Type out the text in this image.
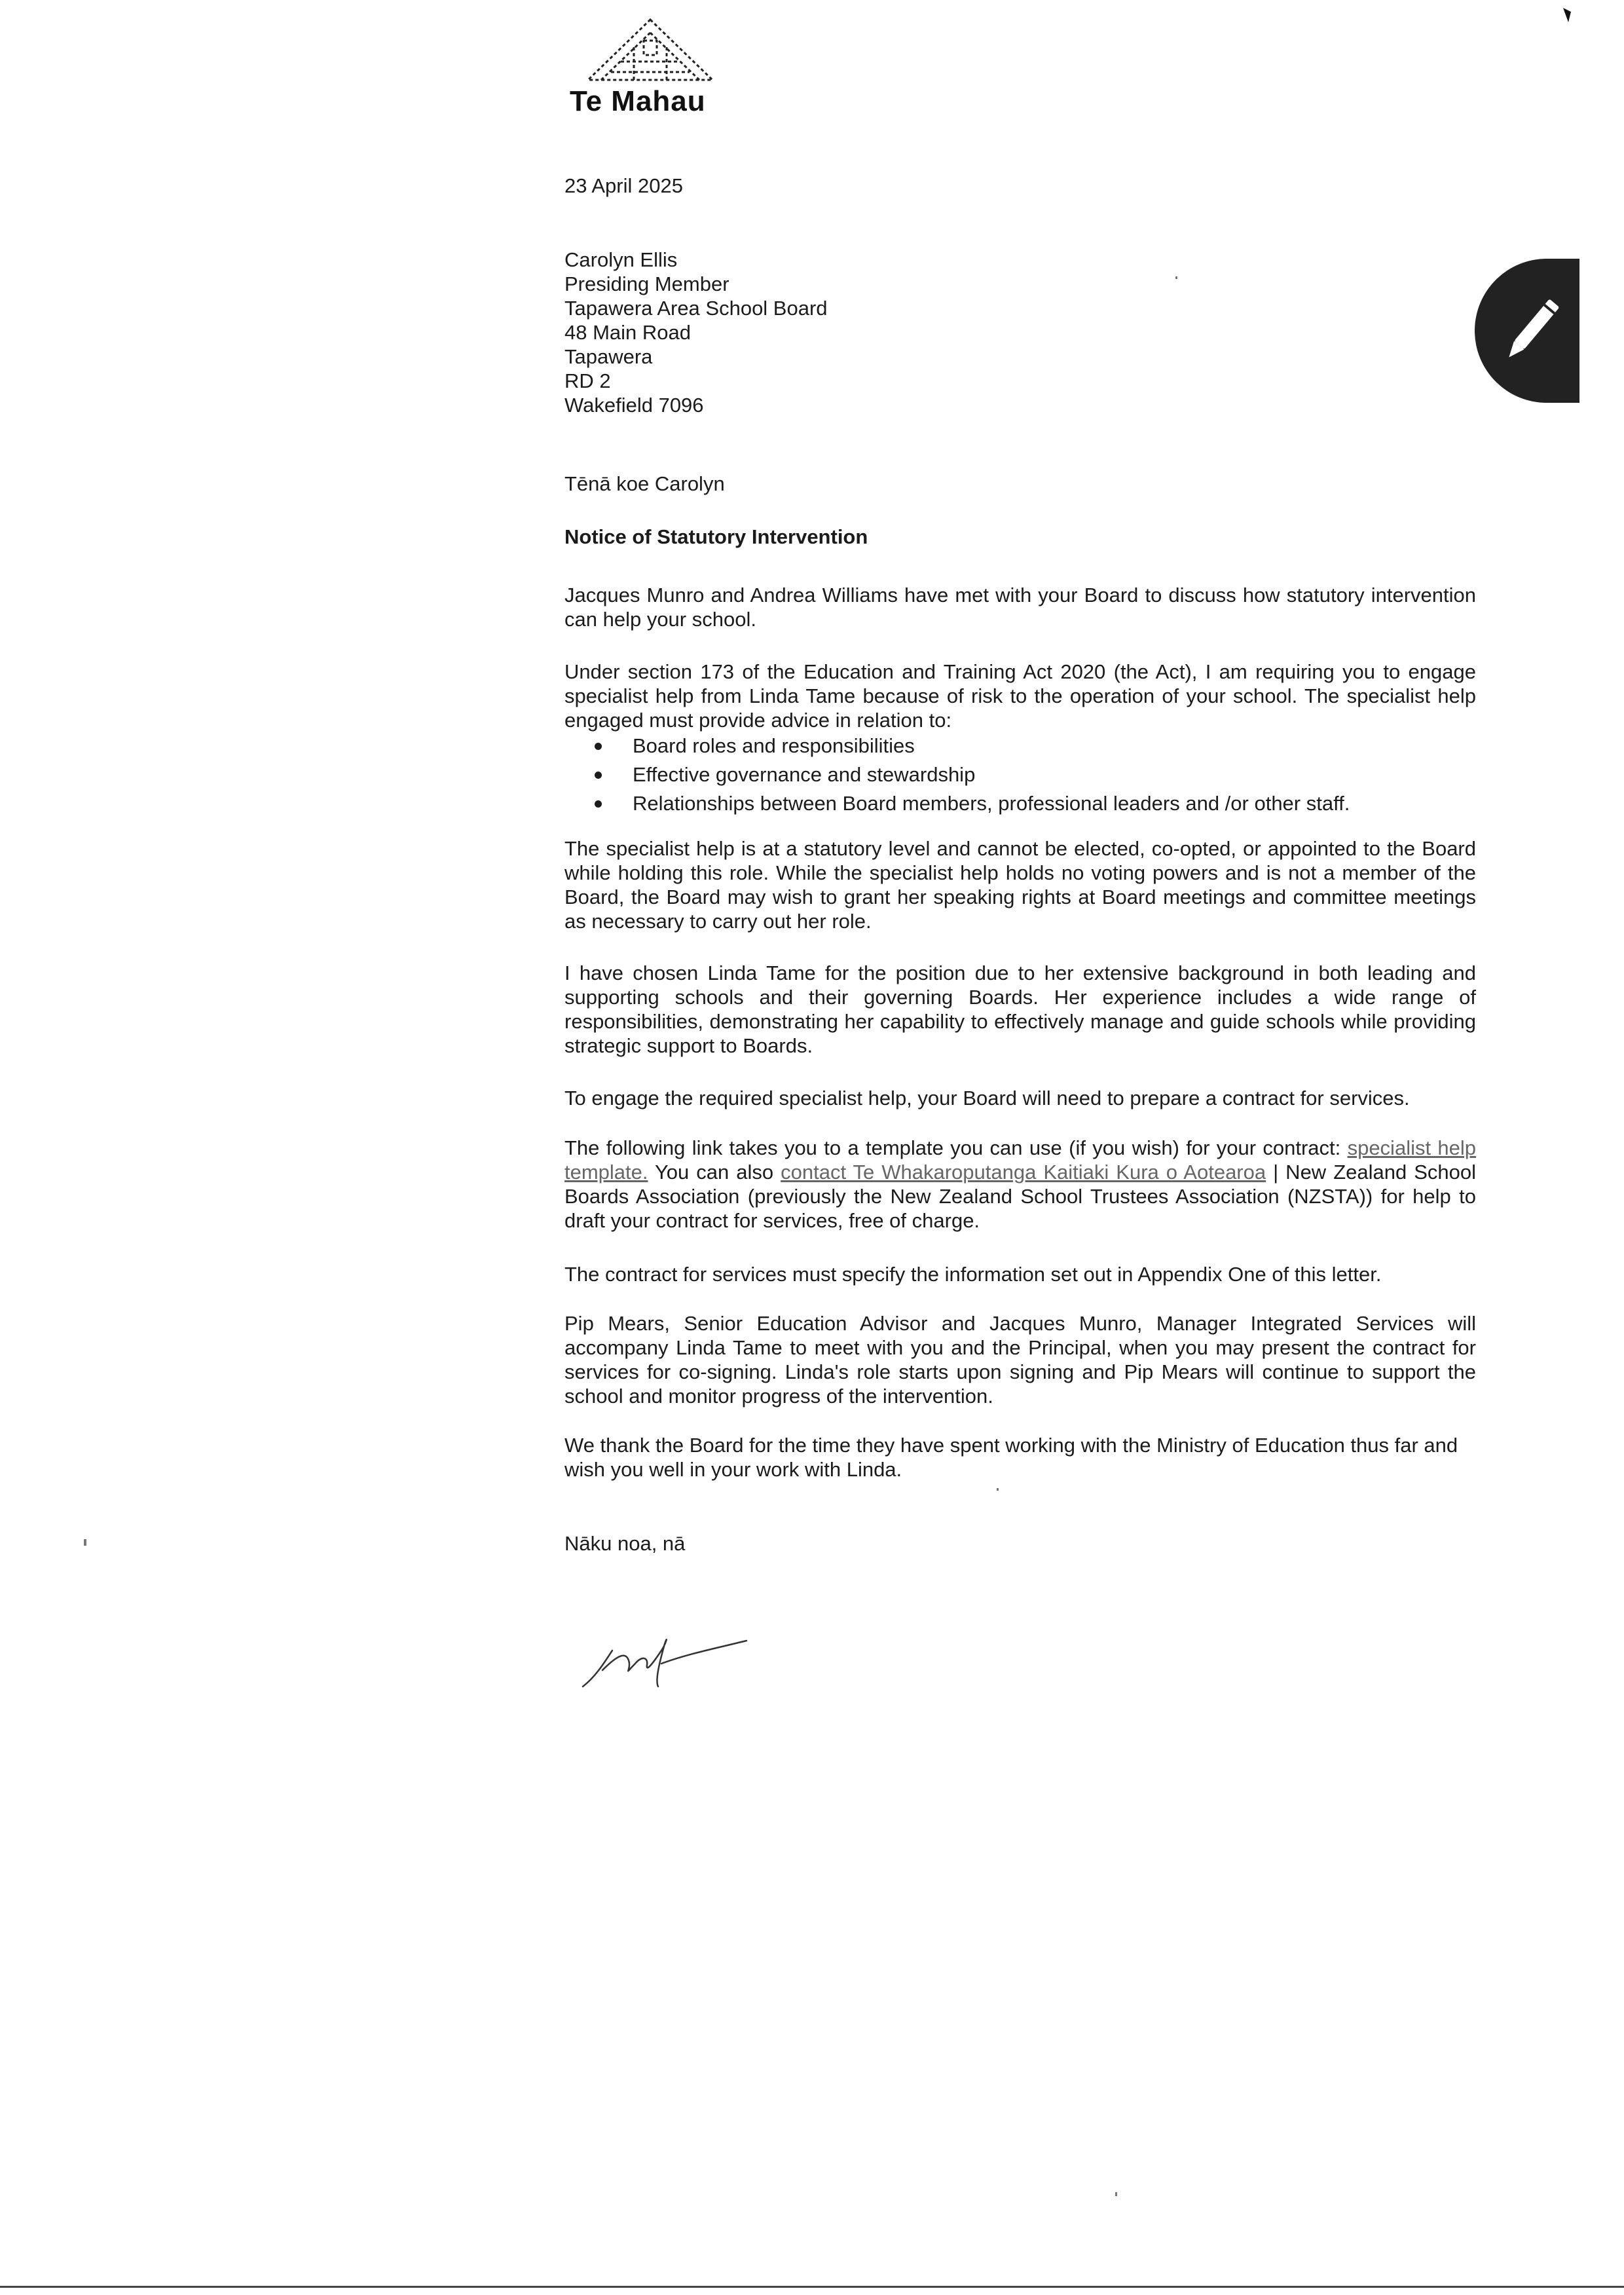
Te Mahau
23 April 2025
Carolyn Ellis
Presiding Member
Tapawera Area School Board
48 Main Road
Tapawera
RD 2
Wakefield 7096
Tēnā koe Carolyn
Notice of Statutory Intervention
Jacques Munro and Andrea Williams have met with your Board to discuss how statutory intervention can help your school.
Under section 173 of the Education and Training Act 2020 (the Act), I am requiring you to engage specialist help from Linda Tame because of risk to the operation of your school. The specialist help engaged must provide advice in relation to:
Board roles and responsibilities
Effective governance and stewardship
Relationships between Board members, professional leaders and /or other staff.
The specialist help is at a statutory level and cannot be elected, co-opted, or appointed to the Board while holding this role. While the specialist help holds no voting powers and is not a member of the Board, the Board may wish to grant her speaking rights at Board meetings and committee meetings as necessary to carry out her role.
I have chosen Linda Tame for the position due to her extensive background in both leading and supporting schools and their governing Boards. Her experience includes a wide range of responsibilities, demonstrating her capability to effectively manage and guide schools while providing strategic support to Boards.
To engage the required specialist help, your Board will need to prepare a contract for services.
The following link takes you to a template you can use (if you wish) for your contract: specialist help template. You can also contact Te Whakaroputanga Kaitiaki Kura o Aotearoa | New Zealand School Boards Association (previously the New Zealand School Trustees Association (NZSTA)) for help to draft your contract for services, free of charge.
The contract for services must specify the information set out in Appendix One of this letter.
Pip Mears, Senior Education Advisor and Jacques Munro, Manager Integrated Services will accompany Linda Tame to meet with you and the Principal, when you may present the contract for services for co-signing. Linda's role starts upon signing and Pip Mears will continue to support the school and monitor progress of the intervention.
We thank the Board for the time they have spent working with the Ministry of Education thus far and wish you well in your work with Linda.
Nāku noa, nā
